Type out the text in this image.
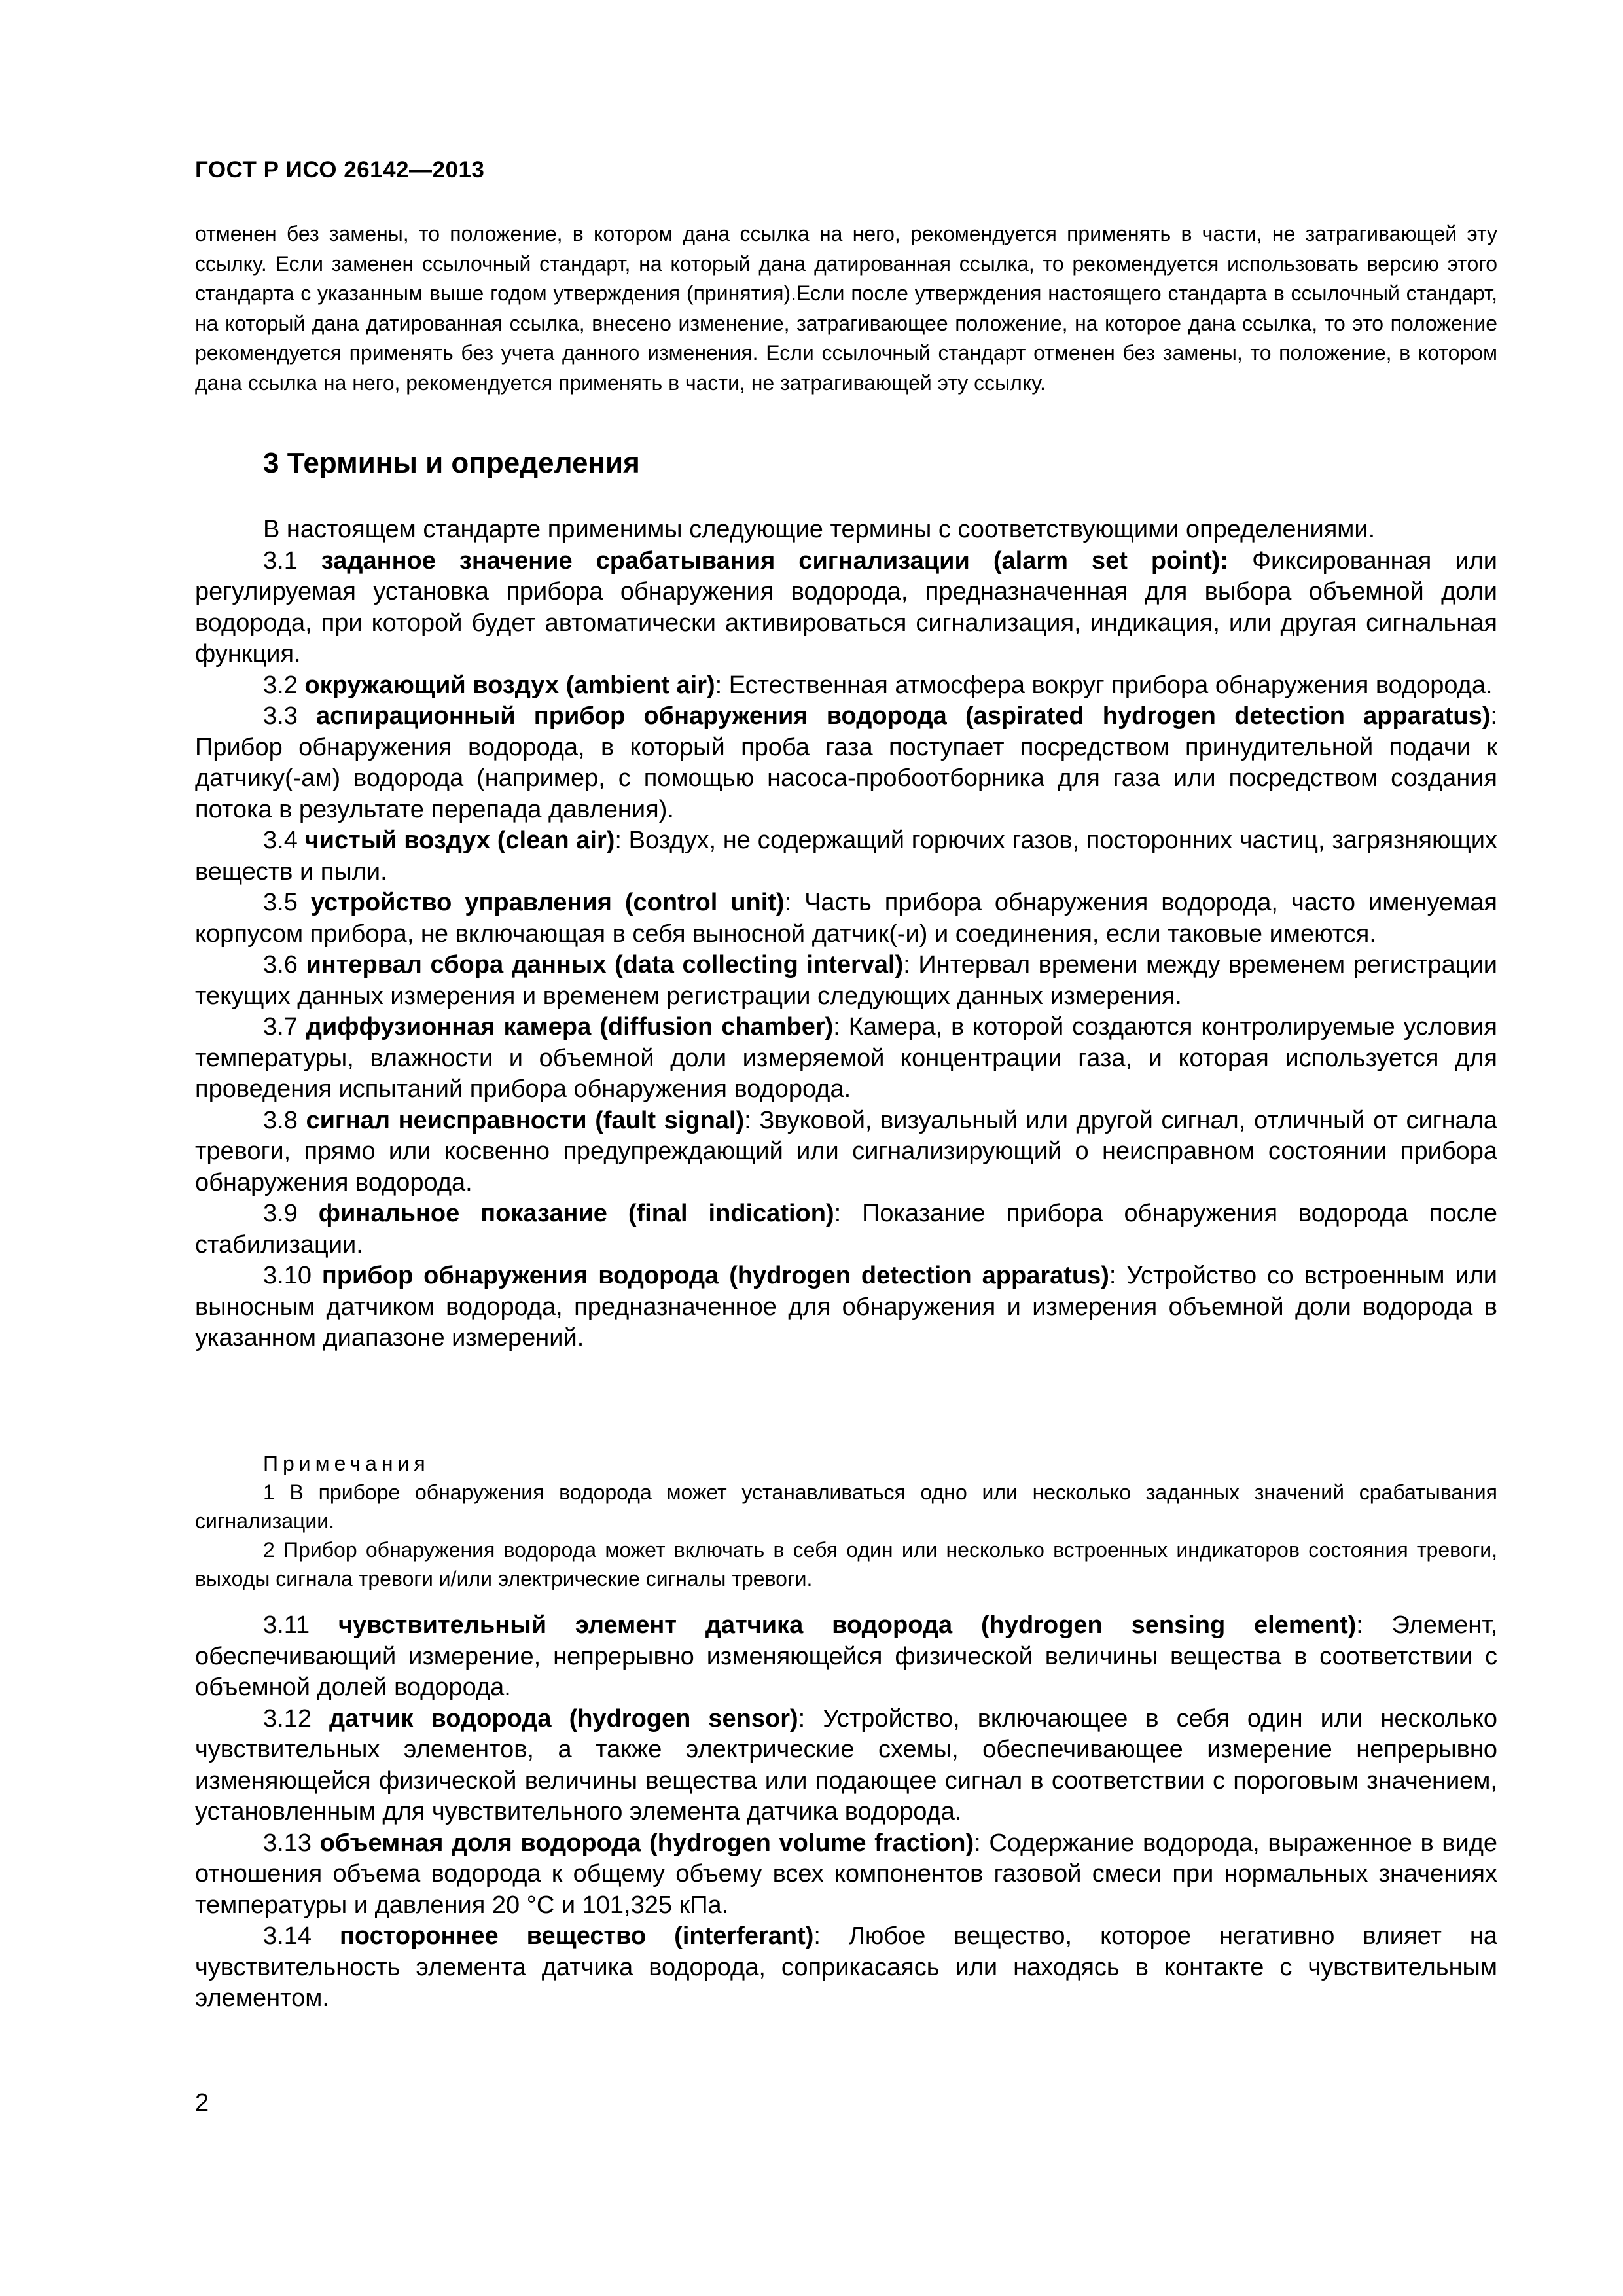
ГОСТ Р ИСО 26142—2013

отменен без замены, то положение, в котором дана ссылка на него, рекомендуется применять в части, не затрагивающей эту ссылку. Если заменен ссылочный стандарт, на который дана датированная ссылка, то рекомендуется использовать версию этого стандарта с указанным выше годом утверждения (принятия).Если после утверждения настоящего стандарта в ссылочный стандарт, на который дана датированная ссылка, внесено изменение, затрагивающее положение, на которое дана ссылка, то это положение рекомендуется применять без учета данного изменения. Если ссылочный стандарт отменен без замены, то положение, в котором дана ссылка на него, рекомендуется применять в части, не затрагивающей эту ссылку.

3 Термины и определения

В настоящем стандарте применимы следующие термины с соответствующими определениями.

3.1 заданное значение срабатывания сигнализации (alarm set point): Фиксированная или регулируемая установка прибора обнаружения водорода, предназначенная для выбора объемной доли водорода, при которой будет автоматически активироваться сигнализация, индикация, или другая сигнальная функция.

3.2 окружающий воздух (ambient air): Естественная атмосфера вокруг прибора обнаружения водорода.

3.3 аспирационный прибор обнаружения водорода (aspirated hydrogen detection apparatus): Прибор обнаружения водорода, в который проба газа поступает посредством принудительной подачи к датчику(-ам) водорода (например, с помощью насоса-пробоотборника для газа или посредством создания потока в результате перепада давления).

3.4 чистый воздух (clean air): Воздух, не содержащий горючих газов, посторонних частиц, загрязняющих веществ и пыли.

3.5 устройство управления (control unit): Часть прибора обнаружения водорода, часто именуемая корпусом прибора, не включающая в себя выносной датчик(-и) и соединения, если таковые имеются.

3.6 интервал сбора данных (data collecting interval): Интервал времени между временем регистрации текущих данных измерения и временем регистрации следующих данных измерения.

3.7 диффузионная камера (diffusion chamber): Камера, в которой создаются контролируемые условия температуры, влажности и объемной доли измеряемой концентрации газа, и которая используется для проведения испытаний прибора обнаружения водорода.

3.8 сигнал неисправности (fault signal): Звуковой, визуальный или другой сигнал, отличный от сигнала тревоги, прямо или косвенно предупреждающий или сигнализирующий о неисправном состоянии прибора обнаружения водорода.

3.9 финальное показание (final indication): Показание прибора обнаружения водорода после стабилизации.

3.10 прибор обнаружения водорода (hydrogen detection apparatus): Устройство со встроенным или выносным датчиком водорода, предназначенное для обнаружения и измерения объемной доли водорода в указанном диапазоне измерений.

Примечания

1 В приборе обнаружения водорода может устанавливаться одно или несколько заданных значений срабатывания сигнализации.

2 Прибор обнаружения водорода может включать в себя один или несколько встроенных индикаторов состояния тревоги, выходы сигнала тревоги и/или электрические сигналы тревоги.

3.11 чувствительный элемент датчика водорода (hydrogen sensing element): Элемент, обеспечивающий измерение, непрерывно изменяющейся физической величины вещества в соответствии с объемной долей водорода.

3.12 датчик водорода (hydrogen sensor): Устройство, включающее в себя один или несколько чувствительных элементов, а также электрические схемы, обеспечивающее измерение непрерывно изменяющейся физической величины вещества или подающее сигнал в соответствии с пороговым значением, установленным для чувствительного элемента датчика водорода.

3.13 объемная доля водорода (hydrogen volume fraction): Содержание водорода, выраженное в виде отношения объема водорода к общему объему всех компонентов газовой смеси при нормальных значениях температуры и давления 20 °С и 101,325 кПа.

3.14 постороннее вещество (interferant): Любое вещество, которое негативно влияет на чувствительность элемента датчика водорода, соприкасаясь или находясь в контакте с чувствительным элементом.

2
